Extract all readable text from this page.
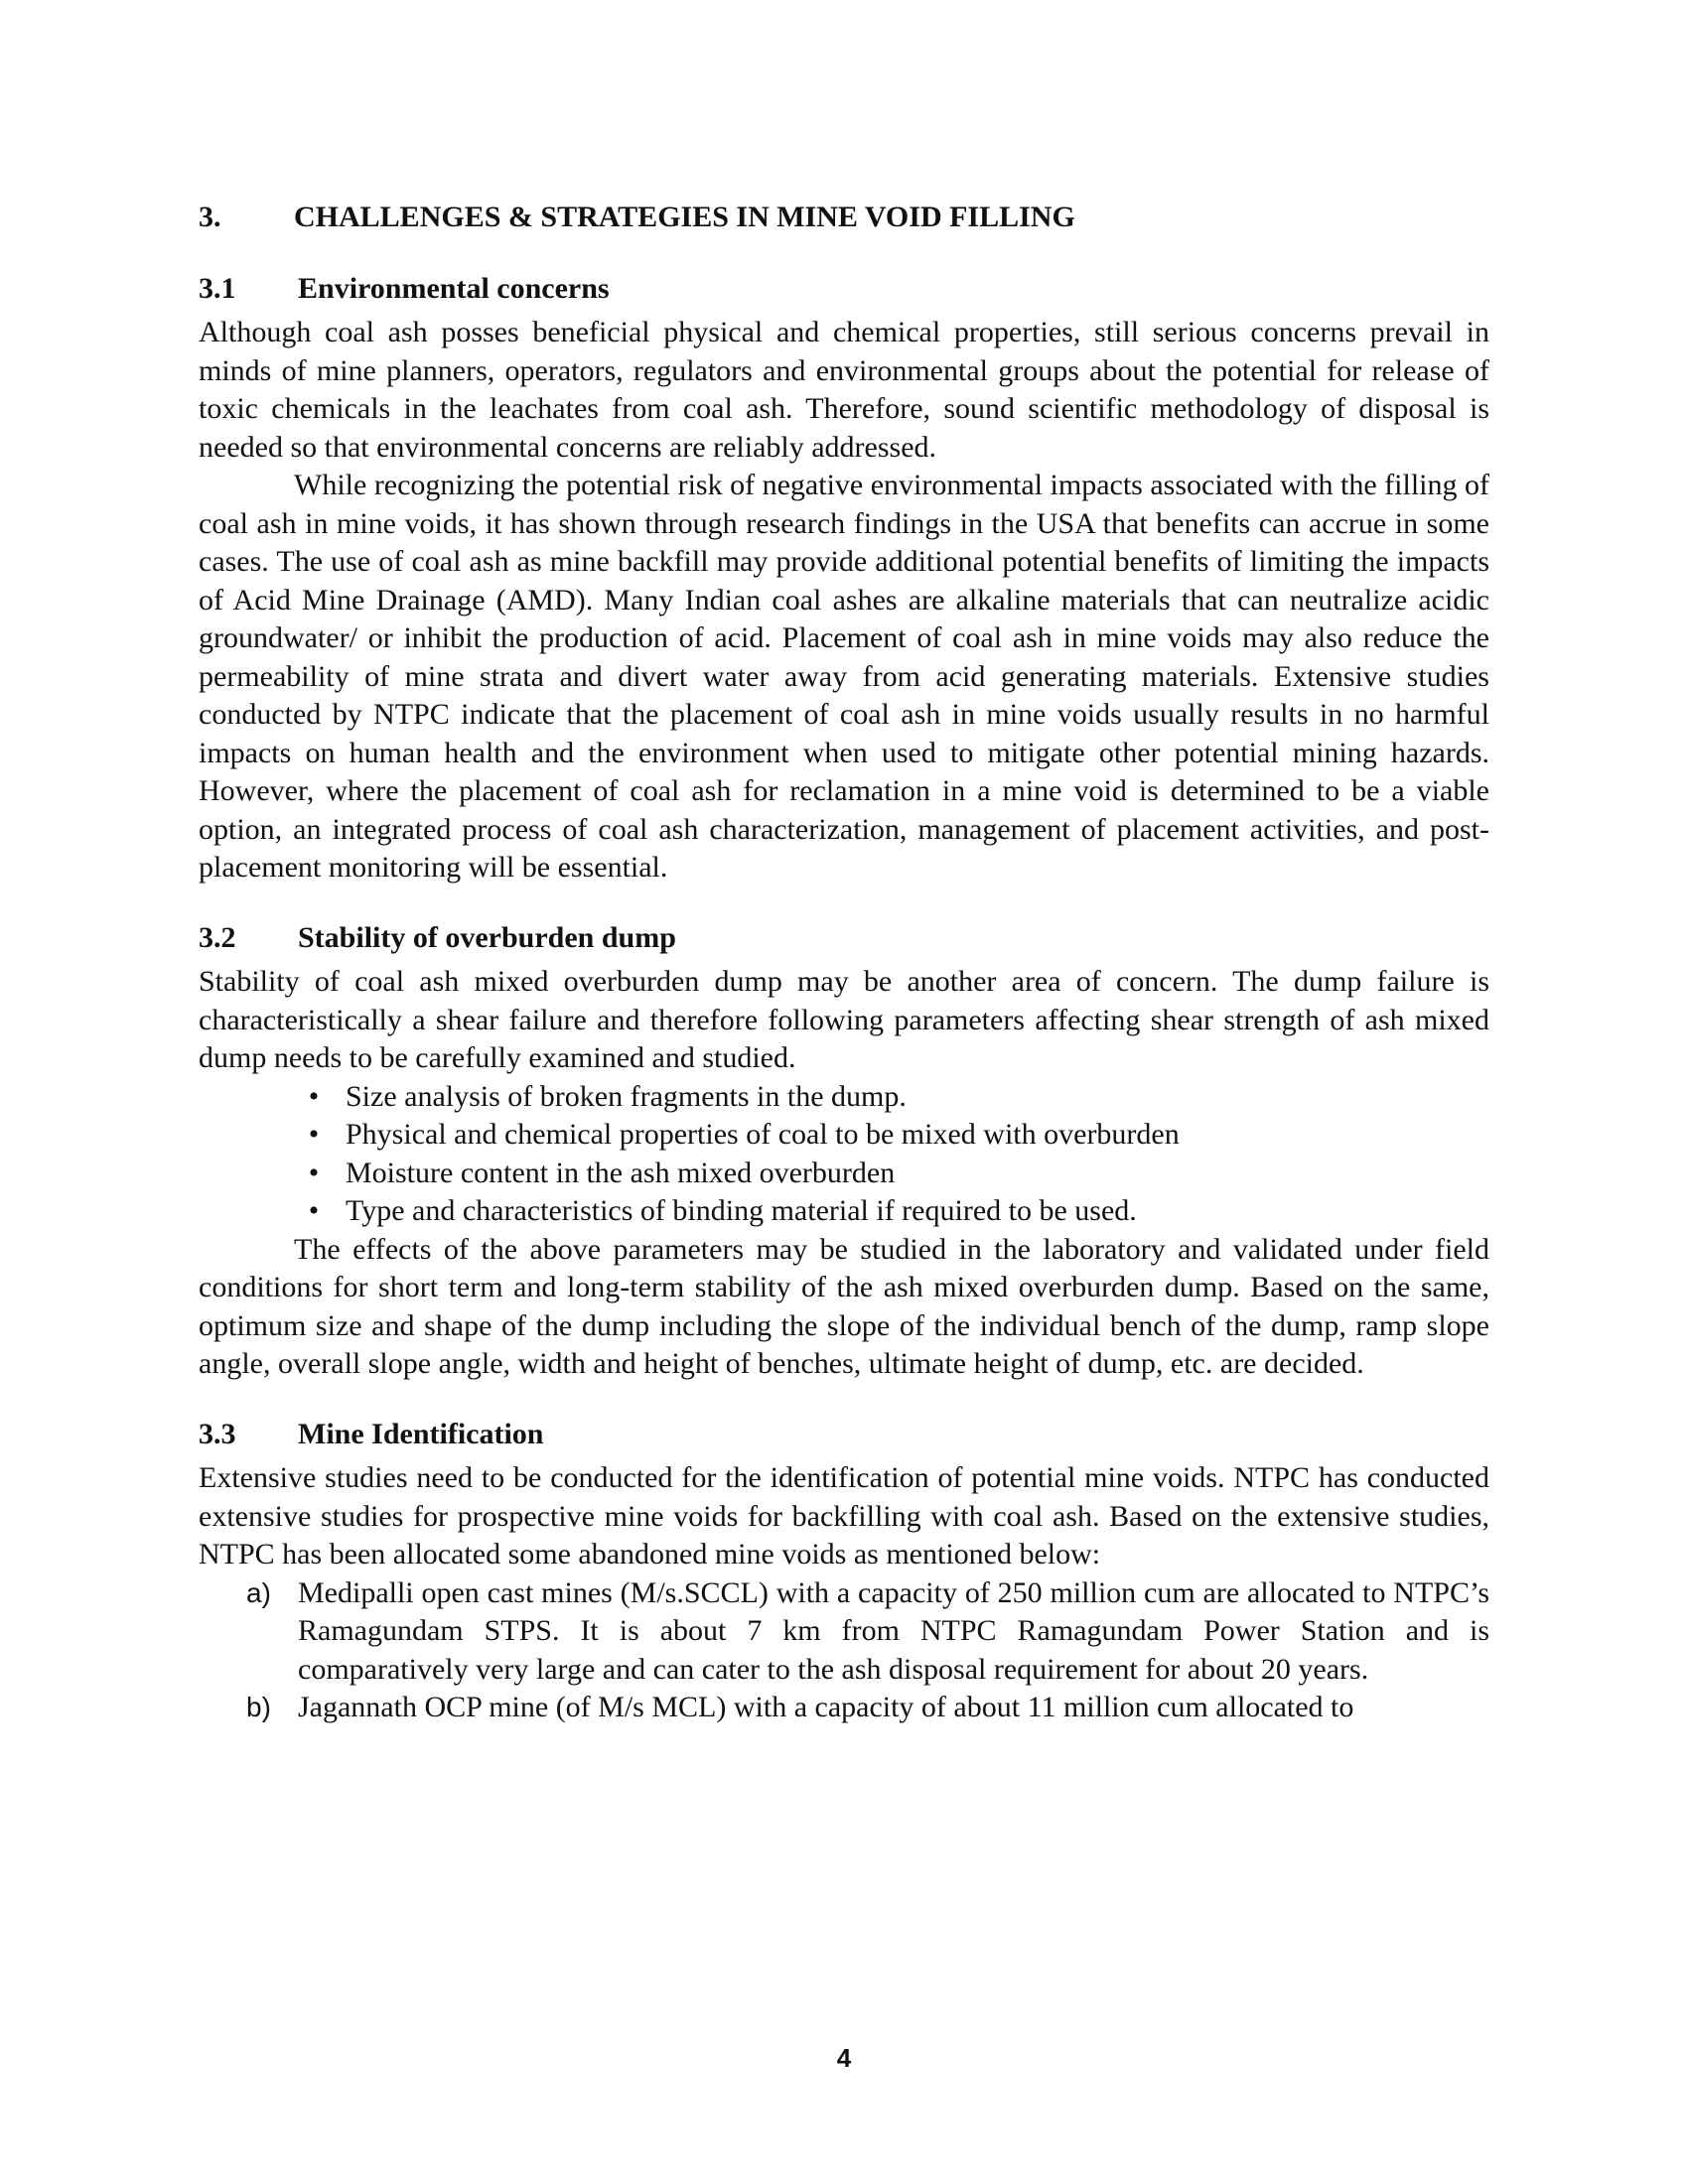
3.	CHALLENGES & STRATEGIES IN MINE VOID FILLING
3.1	Environmental concerns

Although coal ash posses beneficial physical and chemical properties, still serious concerns prevail in minds of mine planners, operators, regulators and environmental groups about the potential for release of toxic chemicals in the leachates from coal ash. Therefore, sound scientific methodology of disposal is needed so that environmental concerns are reliably addressed.

While recognizing the potential risk of negative environmental impacts associated with the filling of coal ash in mine voids, it has shown through research findings in the USA that benefits can accrue in some cases. The use of coal ash as mine backfill may provide additional potential benefits of limiting the impacts of Acid Mine Drainage (AMD). Many Indian coal ashes are alkaline materials that can neutralize acidic groundwater/ or inhibit the production of acid. Placement of coal ash in mine voids may also reduce the permeability of mine strata and divert water away from acid generating materials. Extensive studies conducted by NTPC indicate that the placement of coal ash in mine voids usually results in no harmful impacts on human health and the environment when used to mitigate other potential mining hazards. However, where the placement of coal ash for reclamation in a mine void is determined to be a viable option, an integrated process of coal ash characterization, management of placement activities, and post-placement monitoring will be essential.

3.2	Stability of overburden dump

Stability of coal ash mixed overburden dump may be another area of concern. The dump failure is characteristically a shear failure and therefore following parameters affecting shear strength of ash mixed dump needs to be carefully examined and studied.

• Size analysis of broken fragments in the dump.
• Physical and chemical properties of coal to be mixed with overburden
• Moisture content in the ash mixed overburden
• Type and characteristics of binding material if required to be used.

The effects of the above parameters may be studied in the laboratory and validated under field conditions for short term and long-term stability of the ash mixed overburden dump. Based on the same, optimum size and shape of the dump including the slope of the individual bench of the dump, ramp slope angle, overall slope angle, width and height of benches, ultimate height of dump, etc. are decided.

3.3	Mine Identification

Extensive studies need to be conducted for the identification of potential mine voids. NTPC has conducted extensive studies for prospective mine voids for backfilling with coal ash. Based on the extensive studies, NTPC has been allocated some abandoned mine voids as mentioned below:

a) Medipalli open cast mines (M/s.SCCL) with a capacity of 250 million cum are allocated to NTPC’s Ramagundam STPS. It is about 7 km from NTPC Ramagundam Power Station and is comparatively very large and can cater to the ash disposal requirement for about 20 years.
b) Jagannath OCP mine (of M/s MCL) with a capacity of about 11 million cum allocated to
4
